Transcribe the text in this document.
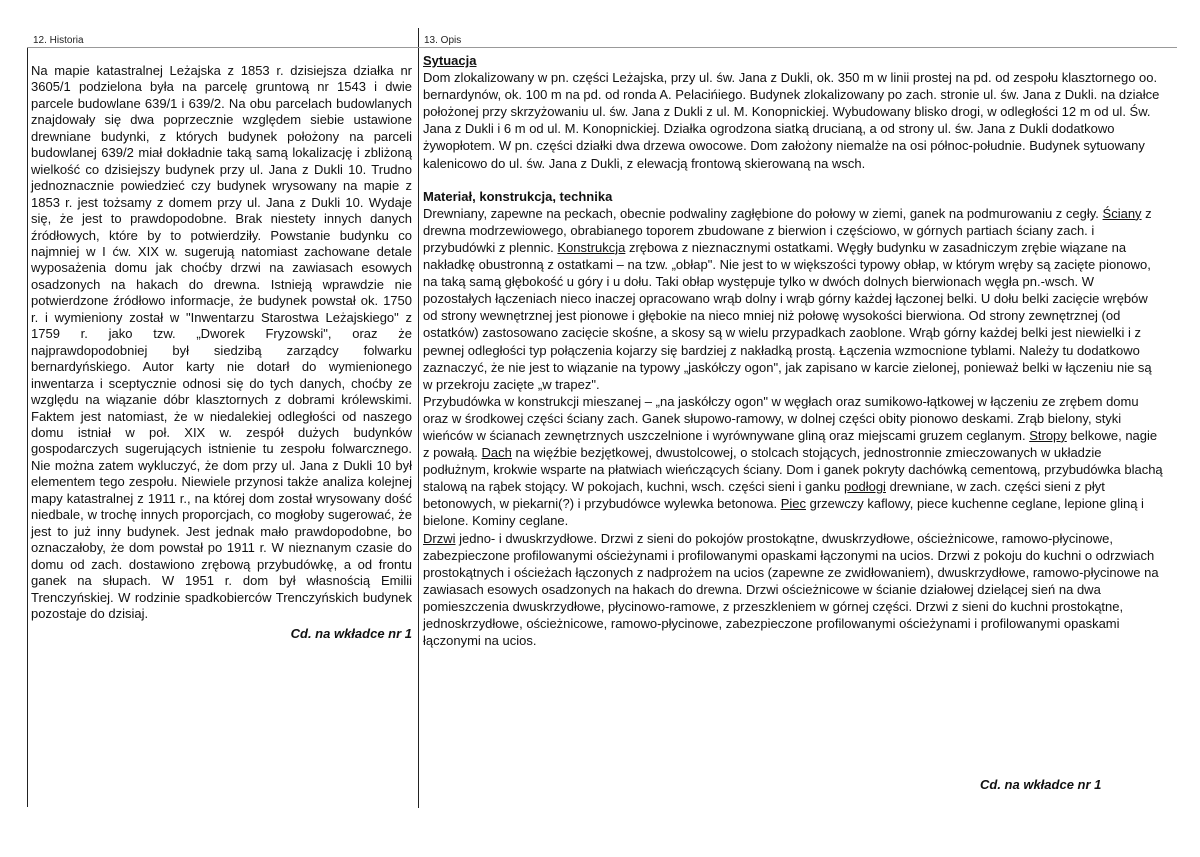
12. Historia

Na mapie katastralnej Leżajska z 1853 r. dzisiejsza działka nr 3605/1 podzielona była na parcelę gruntową nr 1543 i dwie parcele budowlane 639/1 i 639/2. Na obu parcelach budowlanych znajdowały się dwa poprzecznie względem siebie ustawione drewniane budynki, z których budynek położony na parceli budowlanej 639/2 miał dokładnie taką samą lokalizację i zbliżoną wielkość co dzisiejszy budynek przy ul. Jana z Dukli 10. Trudno jednoznacznie powiedzieć czy budynek wrysowany na mapie z 1853 r. jest tożsamy z domem przy ul. Jana z Dukli 10. Wydaje się, że jest to prawdopodobne. Brak niestety innych danych źródłowych, które by to potwierdziły. Powstanie budynku co najmniej w I ćw. XIX w. sugerują natomiast zachowane detale wyposażenia domu jak choćby drzwi na zawiasach esowych osadzonych na hakach do drewna. Istnieją wprawdzie nie potwierdzone źródłowo informacje, że budynek powstał ok. 1750 r. i wymieniony został w "Inwentarzu Starostwa Leżajskiego" z 1759 r. jako tzw. „Dworek Fryzowski", oraz że najprawdopodobniej był siedzibą zarządcy folwarku bernardyńskiego. Autor karty nie dotarł do wymienionego inwentarza i sceptycznie odnosi się do tych danych, choćby ze względu na wiązanie dóbr klasztornych z dobrami królewskimi. Faktem jest natomiast, że w niedalekiej odległości od naszego domu istniał w poł. XIX w. zespół dużych budynków gospodarczych sugerujących istnienie tu zespołu folwarcznego. Nie można zatem wykluczyć, że dom przy ul. Jana z Dukli 10 był elementem tego zespołu. Niewiele przynosi także analiza kolejnej mapy katastralnej z 1911 r., na której dom został wrysowany dość niedbale, w trochę innych proporcjach, co mogłoby sugerować, że jest to już inny budynek. Jest jednak mało prawdopodobne, bo oznaczałoby, że dom powstał po 1911 r. W nieznanym czasie do domu od zach. dostawiono zrębową przybudówkę, a od frontu ganek na słupach. W 1951 r. dom był własnością Emilii Trenczyńskiej. W rodzinie spadkobierców Trenczyńskich budynek pozostaje do dzisiaj.

Cd. na wkładce nr 1
13. Opis
Sytuacja

Dom zlokalizowany w pn. części Leżajska, przy ul. św. Jana z Dukli, ok. 350 m w linii prostej na pd. od zespołu klasztornego oo. bernardynów, ok. 100 m na pd. od ronda A. Pelacińiego. Budynek zlokalizowany po zach. stronie ul. św. Jana z Dukli. na działce położonej przy skrzyżowaniu ul. św. Jana z Dukli z ul. M. Konopnickiej. Wybudowany blisko drogi, w odległości 12 m od ul. Św. Jana z Dukli i 6 m od ul. M. Konopnickiej. Działka ogrodzona siatką drucianą, a od strony ul. św. Jana z Dukli dodatkowo żywopłotem. W pn. części działki dwa drzewa owocowe. Dom założony niemalże na osi północ-południe. Budynek sytuowany kalenicowo do ul. św. Jana z Dukli, z elewacją frontową skierowaną na wsch.

Materiał, konstrukcja, technika

Drewniany, zapewne na peckach, obecnie podwaliny zagłębione do połowy w ziemi, ganek na podmurowaniu z cegły. Ściany z drewna modrzewiowego, obrabianego toporem zbudowane z bierwion i częściowo, w górnych partiach ściany zach. i przybudówki z plennic. Konstrukcja zrębowa z nieznacznymi ostatkami. Węgły budynku w zasadniczym zrębie wiązane na nakładkę obustronną z ostatkami – na tzw. „obłap". Nie jest to w większości typowy obłap, w którym wręby są zacięte pionowo, na taką samą głębokość u góry i u dołu. Taki obłap występuje tylko w dwóch dolnych bierwionach węgła pn.-wsch. W pozostałych łączeniach nieco inaczej opracowano wrąb dolny i wrąb górny każdej łączonej belki. U dołu belki zacięcie wrębów od strony wewnętrznej jest pionowe i głębokie na nieco mniej niż połowę wysokości bierwiona. Od strony zewnętrznej (od ostatków) zastosowano zacięcie skośne, a skosy są w wielu przypadkach zaoblone. Wrąb górny każdej belki jest niewielki i z pewnej odległości typ połączenia kojarzy się bardziej z nakładką prostą. Łączenia wzmocnione tyblami. Należy tu dodatkowo zaznaczyć, że nie jest to wiązanie na typowy „jaskółczy ogon", jak zapisano w karcie zielonej, ponieważ belki w łączeniu nie są w przekroju zacięte „w trapez".

Przybudówka w konstrukcji mieszanej – „na jaskółczy ogon" w węgłach oraz sumikowo-łątkowej w łączeniu ze zrębem domu oraz w środkowej części ściany zach. Ganek słupowo-ramowy, w dolnej części obity pionowo deskami. Zrąb bielony, styki wieńców w ścianach zewnętrznych uszczelnione i wyrównywane gliną oraz miejscami gruzem ceglanym. Stropy belkowe, nagie z powałą. Dach na więźbie bezjętkowej, dwustolcowej, o stolcach stojących, jednostronnie zmieczowanych w układzie podłużnym, krokwie wsparte na płatwiach wieńczących ściany. Dom i ganek pokryty dachówką cementową, przybudówka blachą stalową na rąbek stojący. W pokojach, kuchni, wsch. części sieni i ganku podłogi drewniane, w zach. części sieni z płyt betonowych, w piekarni(?) i przybudówce wylewka betonowa. Piec grzewczy kaflowy, piece kuchenne ceglane, lepione gliną i bielone. Kominy ceglane.

Drzwi jedno- i dwuskrzydłowe. Drzwi z sieni do pokojów prostokątne, dwuskrzydłowe, ościeżnicowe, ramowo-płycinowe, zabezpieczone profilowanymi ościeżynami i profilowanymi opaskami łączonymi na ucios. Drzwi z pokoju do kuchni o odrzwiach prostokątnych i ościeżach łączonych z nadprożem na ucios (zapewne ze zwidłowaniem), dwuskrzydłowe, ramowo-płycinowe na zawiasach esowych osadzonych na hakach do drewna. Drzwi ościeżnicowe w ścianie działowej dzielącej sień na dwa pomieszczenia dwuskrzydłowe, płycinowo-ramowe, z przeszkleniem w górnej części. Drzwi z sieni do kuchni prostokątne, jednoskrzydłowe, ościeżnicowe, ramowo-płycinowe, zabezpieczone profilowanymi ościeżynami i profilowanymi opaskami łączonymi na ucios.

Cd. na wkładce nr 1
